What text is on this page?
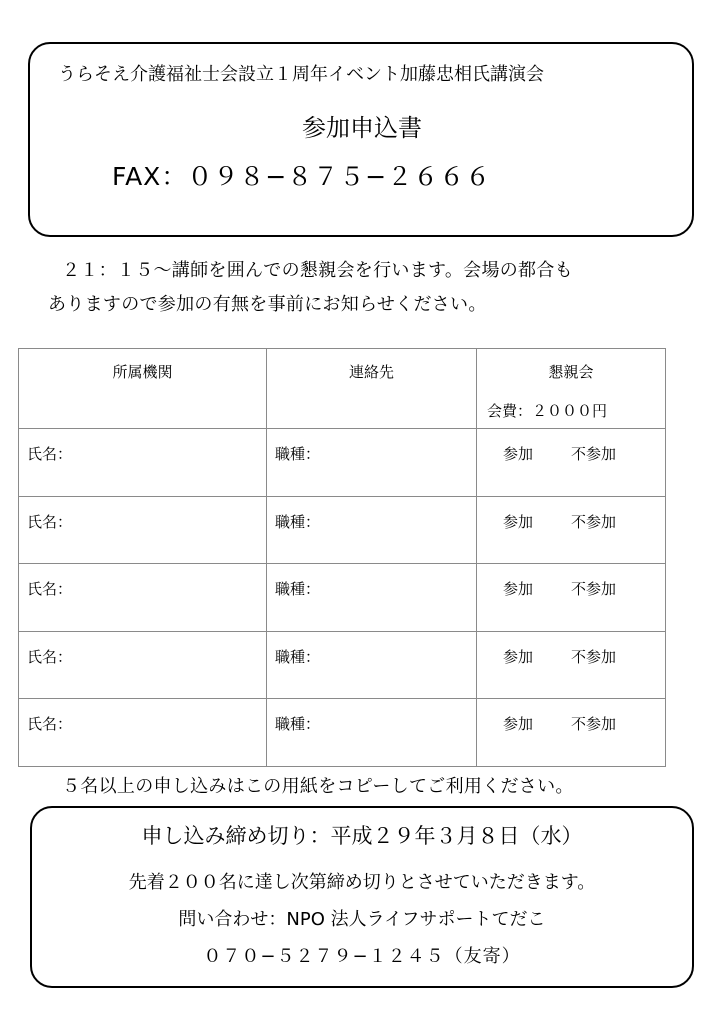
うらそえ介護福祉士会設立１周年イベント加藤忠相氏講演会
参加申込書
FAX：０９８−８７５−２６６６
２１：１５〜講師を囲んでの懇親会を行います。会場の都合も
ありますので参加の有無を事前にお知らせください。
所属機関	連絡先	懇親会
会費：２０００円

氏名：	職種：	参加 不参加

氏名：	職種：	参加 不参加

氏名：	職種：	参加 不参加

氏名：	職種：	参加 不参加

氏名：	職種：	参加 不参加
５名以上の申し込みはこの用紙をコピーしてご利用ください。
申し込み締め切り：平成２９年３月８日（水）
先着２００名に達し次第締め切りとさせていただきます。
問い合わせ：NPO 法人ライフサポートてだこ
０７０−５２７９−１２４５（友寄）
